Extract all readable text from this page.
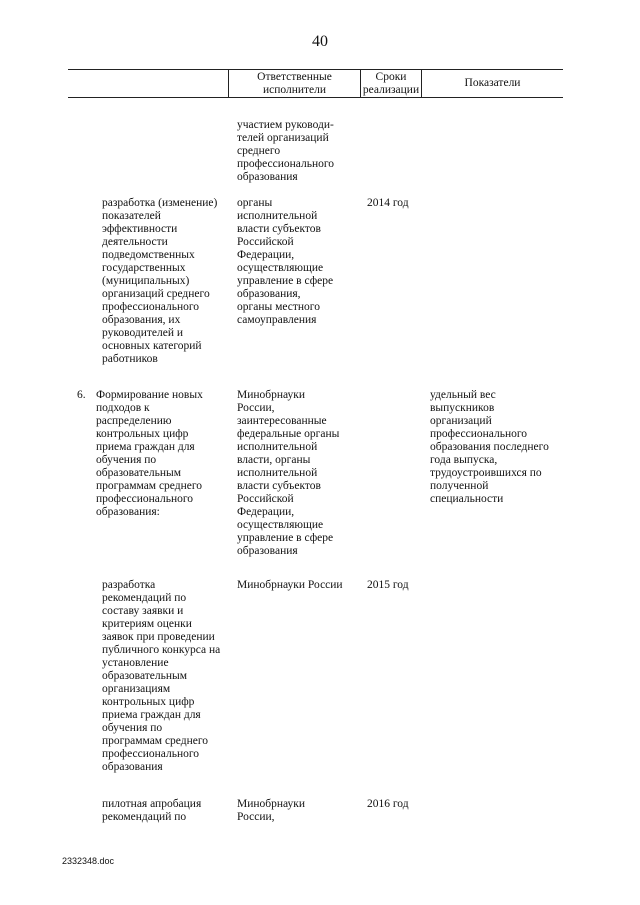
40
Ответственные
исполнители
Сроки
реализации
Показатели
участием руководи-
телей организаций
среднего
профессионального
образования
разработка (изменение)
показателей
эффективности
деятельности
подведомственных
государственных
(муниципальных)
организаций среднего
профессионального
образования, их
руководителей и
основных категорий
работников
органы
исполнительной
власти субъектов
Российской
Федерации,
осуществляющие
управление в сфере
образования,
органы местного
самоуправления
2014 год
6. Формирование новых
подходов к
распределению
контрольных цифр
приема граждан для
обучения по
образовательным
программам среднего
профессионального
образования:
Минобрнауки
России,
заинтересованные
федеральные органы
исполнительной
власти, органы
исполнительной
власти субъектов
Российской
Федерации,
осуществляющие
управление в сфере
образования
удельный вес
выпускников
организаций
профессионального
образования последнего
года выпуска,
трудоустроившихся по
полученной
специальности
разработка
рекомендаций по
составу заявки и
критериям оценки
заявок при проведении
публичного конкурса на
установление
образовательным
организациям
контрольных цифр
приема граждан для
обучения по
программам среднего
профессионального
образования
Минобрнауки России	2015 год
пилотная апробация
рекомендаций по
Минобрнауки
России,
2016 год
2332348.doc
